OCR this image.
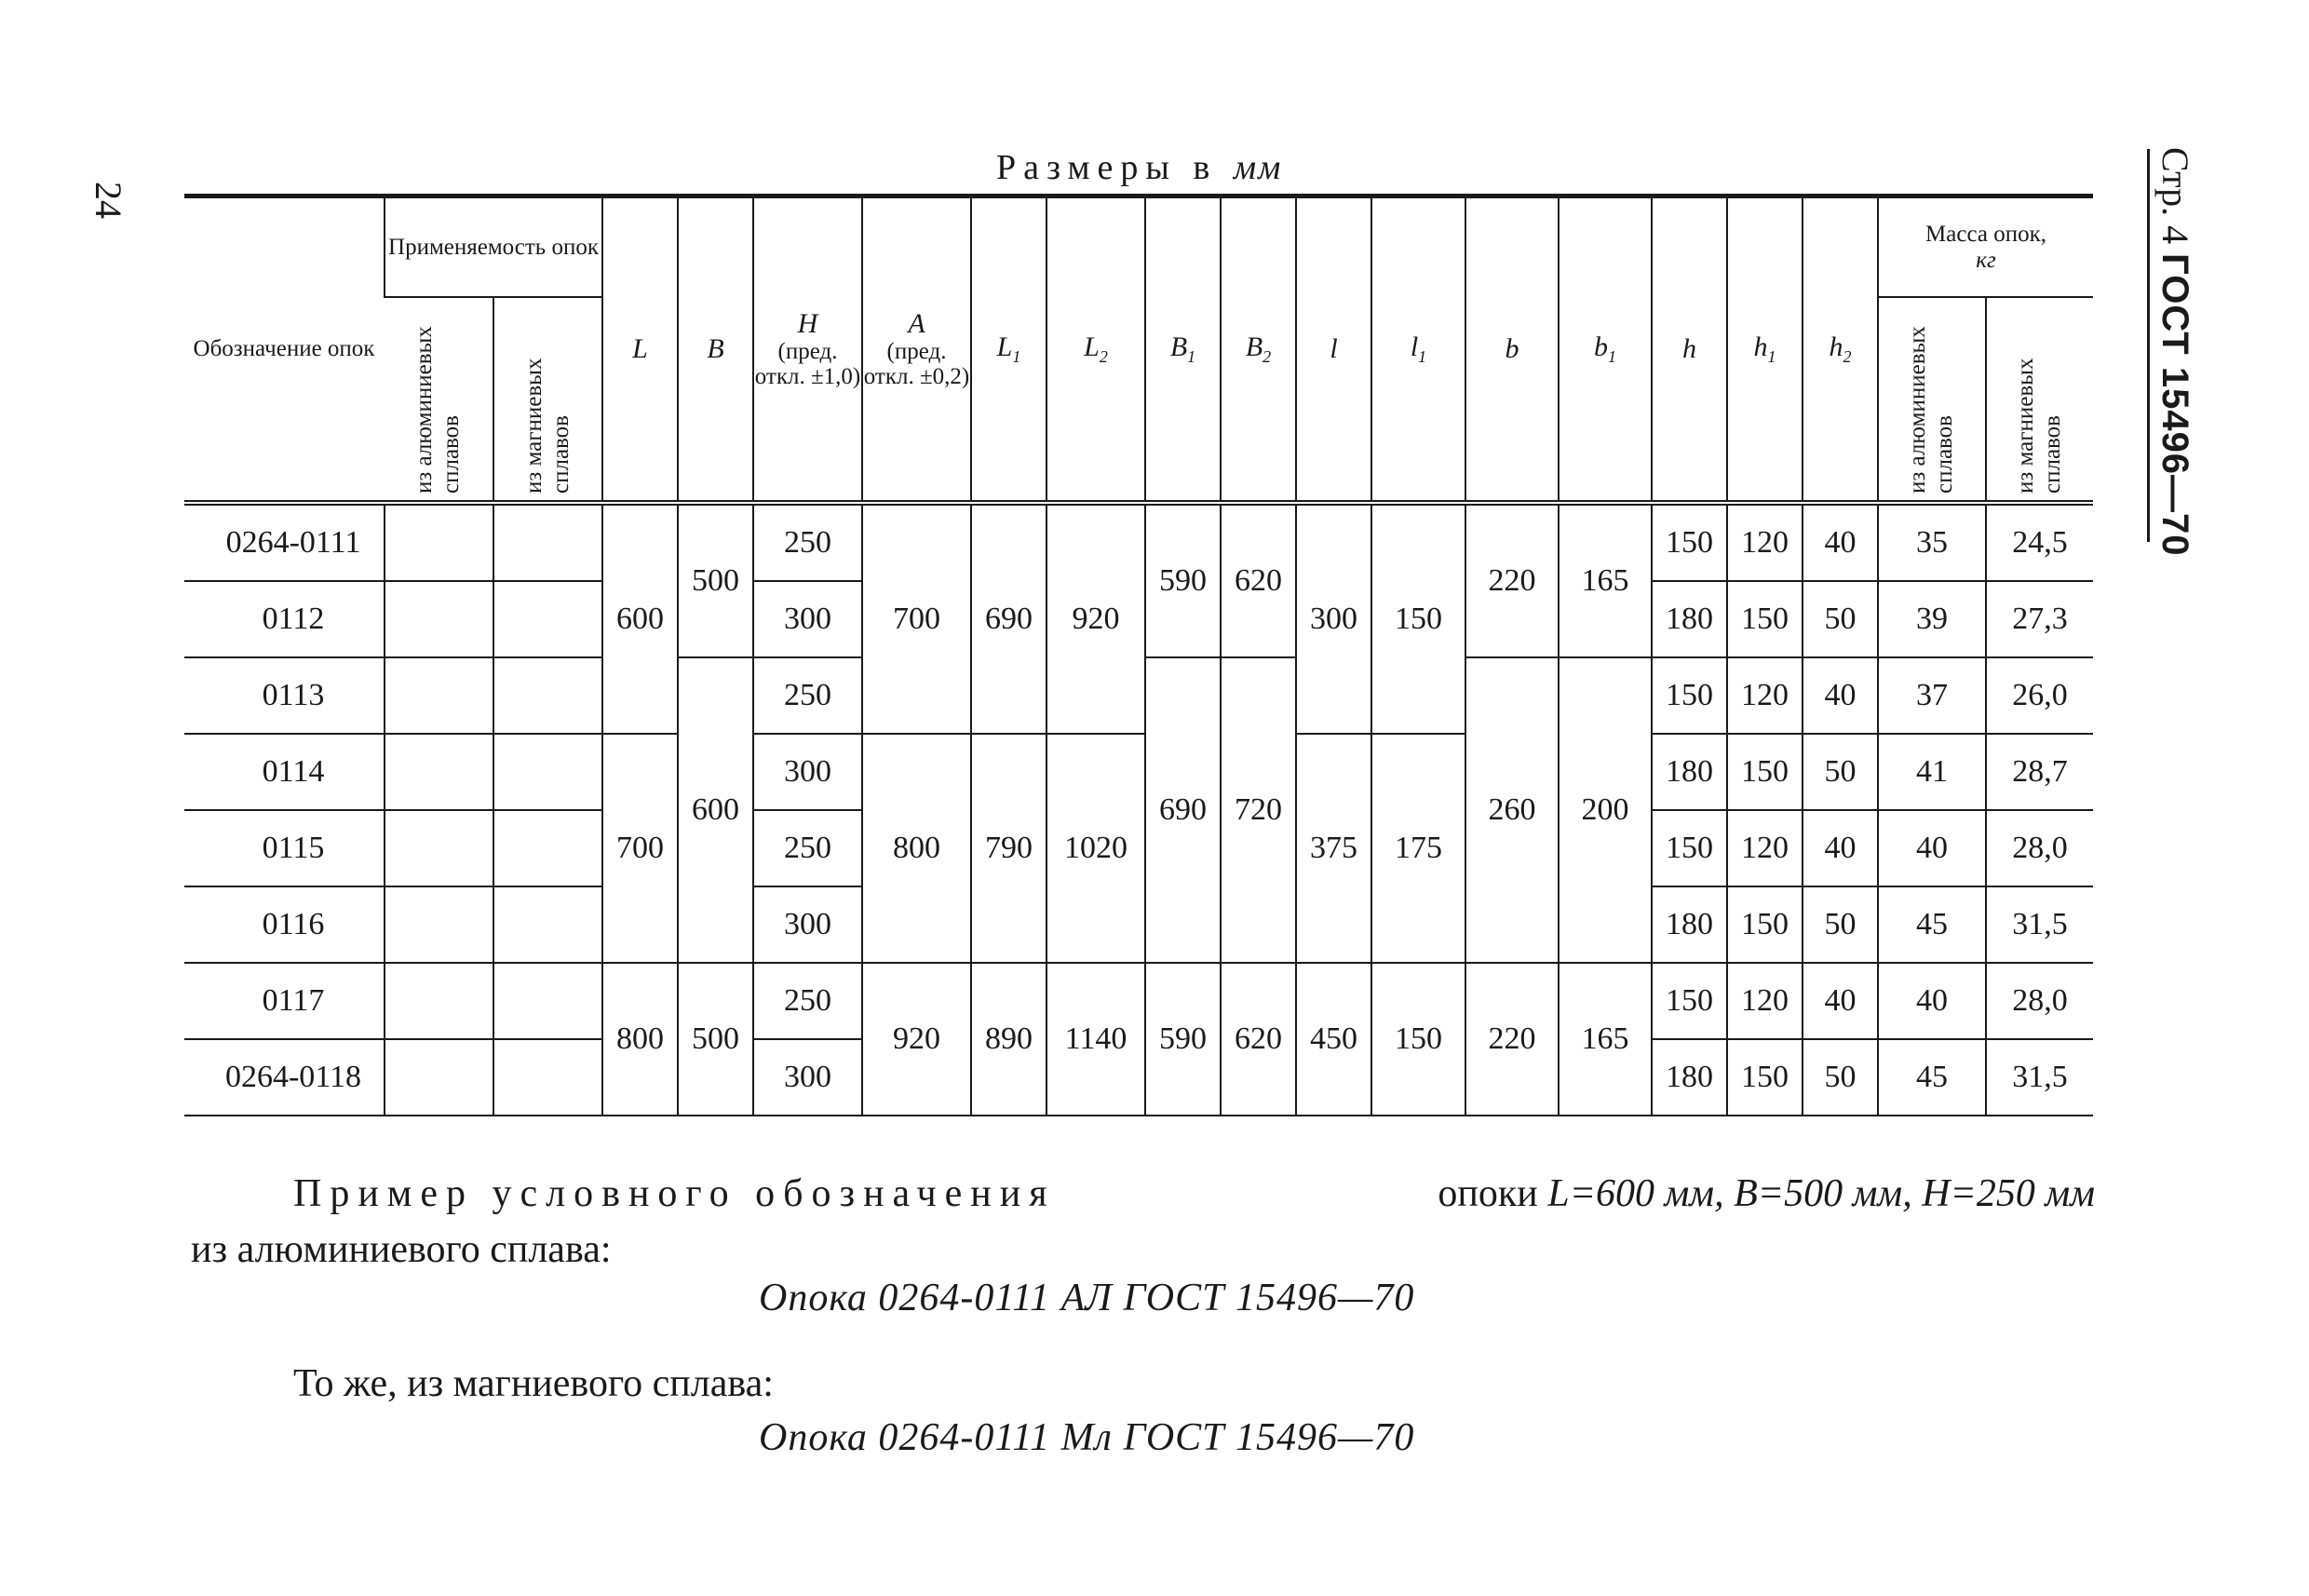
24	Стр. 4 ГОСТ 15496—70
Размеры в мм
Обозначение опок	Применяемость опок		L	B	H
(пред. откл. ±1,0)	A
(пред. откл. ±0,2)	$L_1$	$L_2$	$B_1$	$B_2$	l	$l_1$	b	$b_1$	h	$h_1$	$h_2$	Масса опок,
кг	
	из алюминиевых сплавов	из магниевых сплавов																из алюминиевых сплавов	из магниевых сплавов
0264-0111			600	500	250	700	690	920	590	620	300	150	220	165	150	120	40	35	24,5
0112					300										180	150	50	39	27,3
0113				600	250				690	720			260	200	150	120	40	37	26,0
0114			700		300	800	790	1020			375	175			180	150	50	41	28,7
0115					250										150	120	40	40	28,0
0116					300										180	150	50	45	31,5
0117			800	500	250	920	890	1140	590	620	450	150	220	165	150	120	40	40	28,0
0264-0118					300										180	150	50	45	31,5
Пример условного обозначения	опоки L=600 мм, B=500 мм, H=250 мм
из алюминиевого сплава:
Опока 0264-0111 АЛ ГОСТ 15496—70
То же, из магниевого сплава:
Опока 0264-0111 Мл ГОСТ 15496—70
